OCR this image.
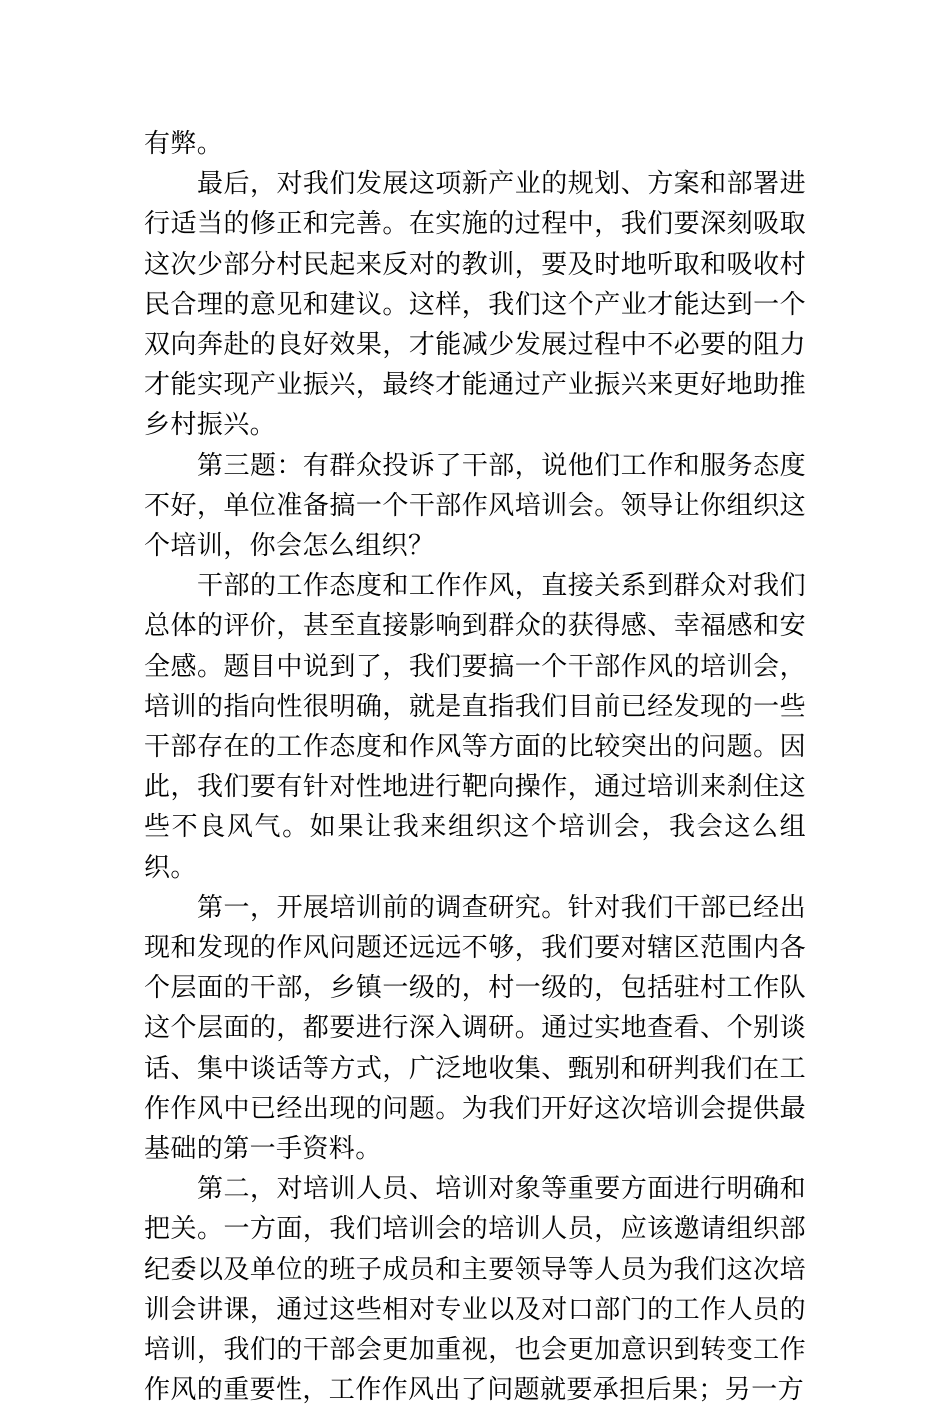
有弊。

最后，对我们发展这项新产业的规划、方案和部署进行适当的修正和完善。在实施的过程中，我们要深刻吸取这次少部分村民起来反对的教训，要及时地听取和吸收村民合理的意见和建议。这样，我们这个产业才能达到一个双向奔赴的良好效果，才能减少发展过程中不必要的阻力才能实现产业振兴，最终才能通过产业振兴来更好地助推乡村振兴。

第三题：有群众投诉了干部，说他们工作和服务态度不好，单位准备搞一个干部作风培训会。领导让你组织这个培训，你会怎么组织？

干部的工作态度和工作作风，直接关系到群众对我们总体的评价，甚至直接影响到群众的获得感、幸福感和安全感。题目中说到了，我们要搞一个干部作风的培训会，培训的指向性很明确，就是直指我们目前已经发现的一些干部存在的工作态度和作风等方面的比较突出的问题。因此，我们要有针对性地进行靶向操作，通过培训来刹住这些不良风气。如果让我来组织这个培训会，我会这么组织。

第一，开展培训前的调查研究。针对我们干部已经出现和发现的作风问题还远远不够，我们要对辖区范围内各个层面的干部，乡镇一级的，村一级的，包括驻村工作队这个层面的，都要进行深入调研。通过实地查看、个别谈话、集中谈话等方式，广泛地收集、甄别和研判我们在工作作风中已经出现的问题。为我们开好这次培训会提供最基础的第一手资料。

第二，对培训人员、培训对象等重要方面进行明确和把关。一方面，我们培训会的培训人员，应该邀请组织部纪委以及单位的班子成员和主要领导等人员为我们这次培训会讲课，通过这些相对专业以及对口部门的工作人员的培训，我们的干部会更加重视，也会更加意识到转变工作作风的重要性，工作作风出了问题就要承担后果；另一方
